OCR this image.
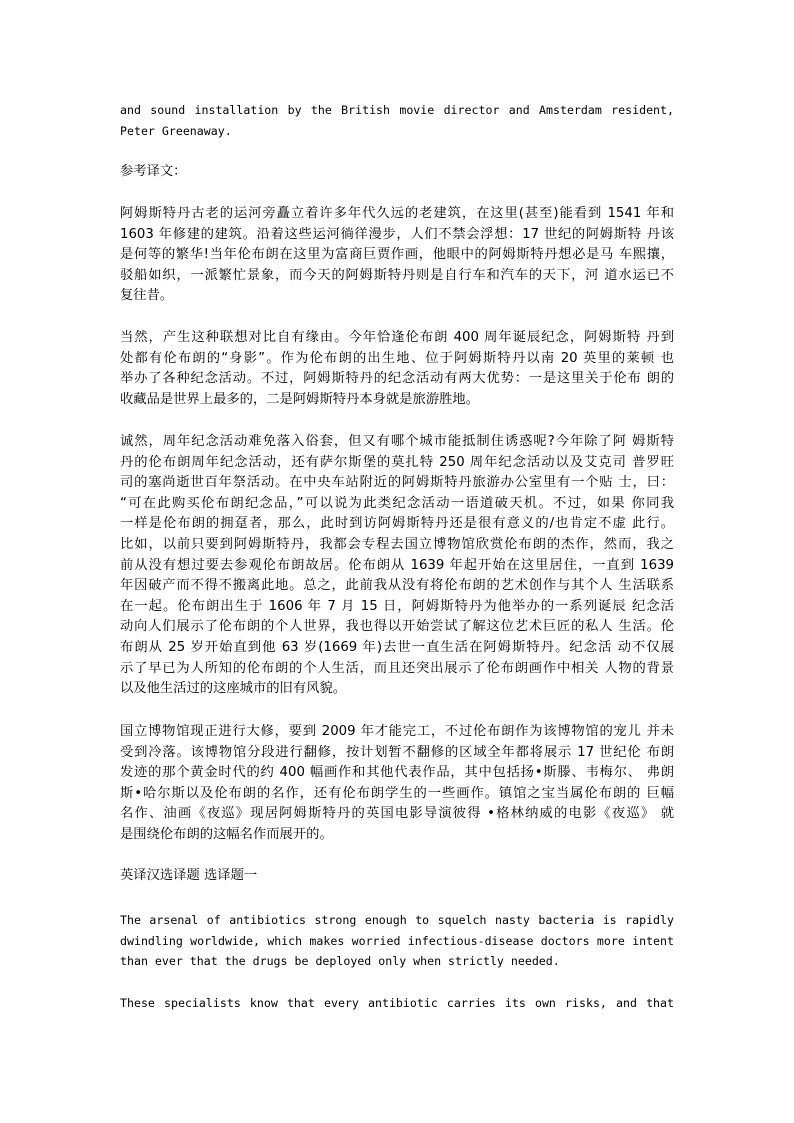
and sound installation by the British movie director and Amsterdam resident,
Peter Greenaway.
参考译文：
阿姆斯特丹古老的运河旁矗立着许多年代久远的老建筑，在这里(甚至)能看到 1541 年和
1603 年修建的建筑。沿着这些运河徜徉漫步，人们不禁会浮想：17 世纪的阿姆斯特 丹该
是何等的繁华!当年伦布朗在这里为富商巨贾作画，他眼中的阿姆斯特丹想必是马 车熙攘，
驳船如织，一派繁忙景象，而今天的阿姆斯特丹则是自行车和汽车的天下，河 道水运已不
复往昔。
当然，产生这种联想对比自有缘由。今年恰逢伦布朗 400 周年诞辰纪念，阿姆斯特 丹到
处都有伦布朗的“身影”。作为伦布朗的出生地、位于阿姆斯特丹以南 20 英里的莱顿 也
举办了各种纪念活动。不过，阿姆斯特丹的纪念活动有两大优势：一是这里关于伦布 朗的
收藏品是世界上最多的，二是阿姆斯特丹本身就是旅游胜地。
诚然，周年纪念活动难免落入俗套，但又有哪个城市能抵制住诱惑呢?今年除了阿 姆斯特
丹的伦布朗周年纪念活动，还有萨尔斯堡的莫扎特 250 周年纪念活动以及艾克司 普罗旺
司的塞尚逝世百年祭活动。在中央车站附近的阿姆斯特丹旅游办公室里有一个贴 士，曰：
“可在此购买伦布朗纪念品，”可以说为此类纪念活动一语道破天机。不过，如果 你同我
一样是伦布朗的拥趸者，那么，此时到访阿姆斯特丹还是很有意义的/也肯定不虚 此行。
比如，以前只要到阿姆斯特丹，我都会专程去国立博物馆欣赏伦布朗的杰作，然而，我之
前从没有想过要去参观伦布朗故居。伦布朗从 1639 年起开始在这里居住，一直到 1639
年因破产而不得不搬离此地。总之，此前我从没有将伦布朗的艺术创作与其个人 生活联系
在一起。伦布朗出生于 1606 年 7 月 15 日，阿姆斯特丹为他举办的一系列诞辰 纪念活
动向人们展示了伦布朗的个人世界，我也得以开始尝试了解这位艺术巨匠的私人 生活。伦
布朗从 25 岁开始直到他 63 岁(1669 年)去世一直生活在阿姆斯特丹。纪念活 动不仅展
示了早已为人所知的伦布朗的个人生活，而且还突出展示了伦布朗画作中相关 人物的背景
以及他生活过的这座城市的旧有风貌。
国立博物馆现正进行大修，要到 2009 年才能完工，不过伦布朗作为该博物馆的宠儿 并未
受到冷落。该博物馆分段进行翻修，按计划暂不翻修的区域全年都将展示 17 世纪伦 布朗
发迹的那个黄金时代的约 400 幅画作和其他代表作品，其中包括扬•斯滕、韦梅尔、 弗朗
斯•哈尔斯以及伦布朗的名作，还有伦布朗学生的一些画作。镇馆之宝当属伦布朗的 巨幅
名作、油画《夜巡》现居阿姆斯特丹的英国电影导演彼得 •格林纳威的电影《夜巡》 就
是围绕伦布朗的这幅名作而展开的。
英译汉选译题 选译题一
The arsenal of antibiotics strong enough to squelch nasty bacteria is rapidly
dwindling worldwide, which makes worried infectious-disease doctors more intent
than ever that the drugs be deployed only when strictly needed.
These specialists know that every antibiotic carries its own risks, and that
